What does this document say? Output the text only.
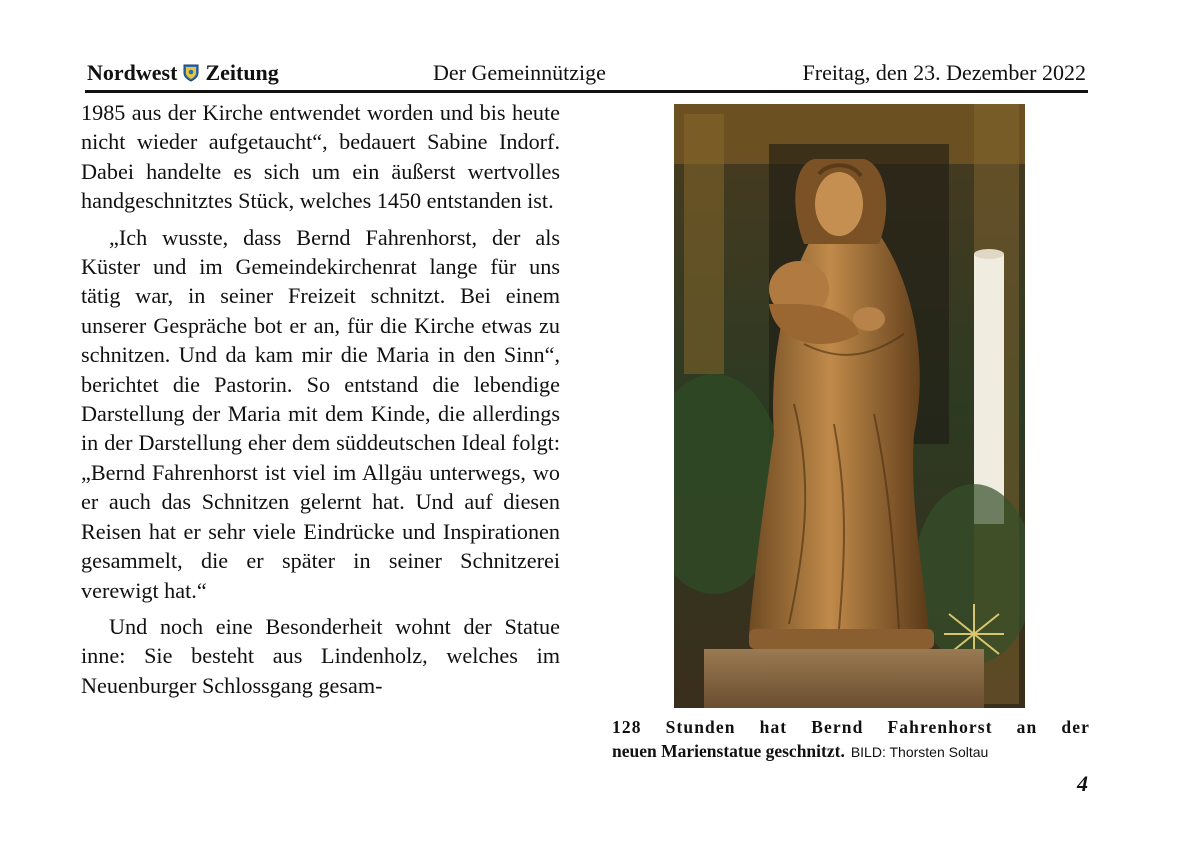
Nordwest Zeitung	Der Gemeinnützige	Freitag, den 23. Dezember 2022

1985 aus der Kirche entwendet worden und bis heute nicht wieder aufgetaucht“, bedauert Sabine Indorf. Dabei handelte es sich um ein äußerst wertvolles handgeschnitztes Stück, welches 1450 entstanden ist.

„Ich wusste, dass Bernd Fahrenhorst, der als Küster und im Gemeindekirchenrat lange für uns tätig war, in seiner Freizeit schnitzt. Bei einem unserer Gespräche bot er an, für die Kirche etwas zu schnitzen. Und da kam mir die Maria in den Sinn“, berichtet die Pastorin. So entstand die lebendige Darstellung der Maria mit dem Kinde, die allerdings in der Darstellung eher dem süddeutschen Ideal folgt: „Bernd Fahrenhorst ist viel im Allgäu unterwegs, wo er auch das Schnitzen gelernt hat. Und auf diesen Reisen hat er sehr viele Eindrücke und Inspirationen gesammelt, die er später in seiner Schnitzerei verewigt hat.“

Und noch eine Besonderheit wohnt der Statue inne: Sie besteht aus Lindenholz, welches im Neuenburger Schlossgang gesam-

128 Stunden hat Bernd Fahrenhorst an der
neuen Marienstatue geschnitzt. BILD: Thorsten Soltau
4
